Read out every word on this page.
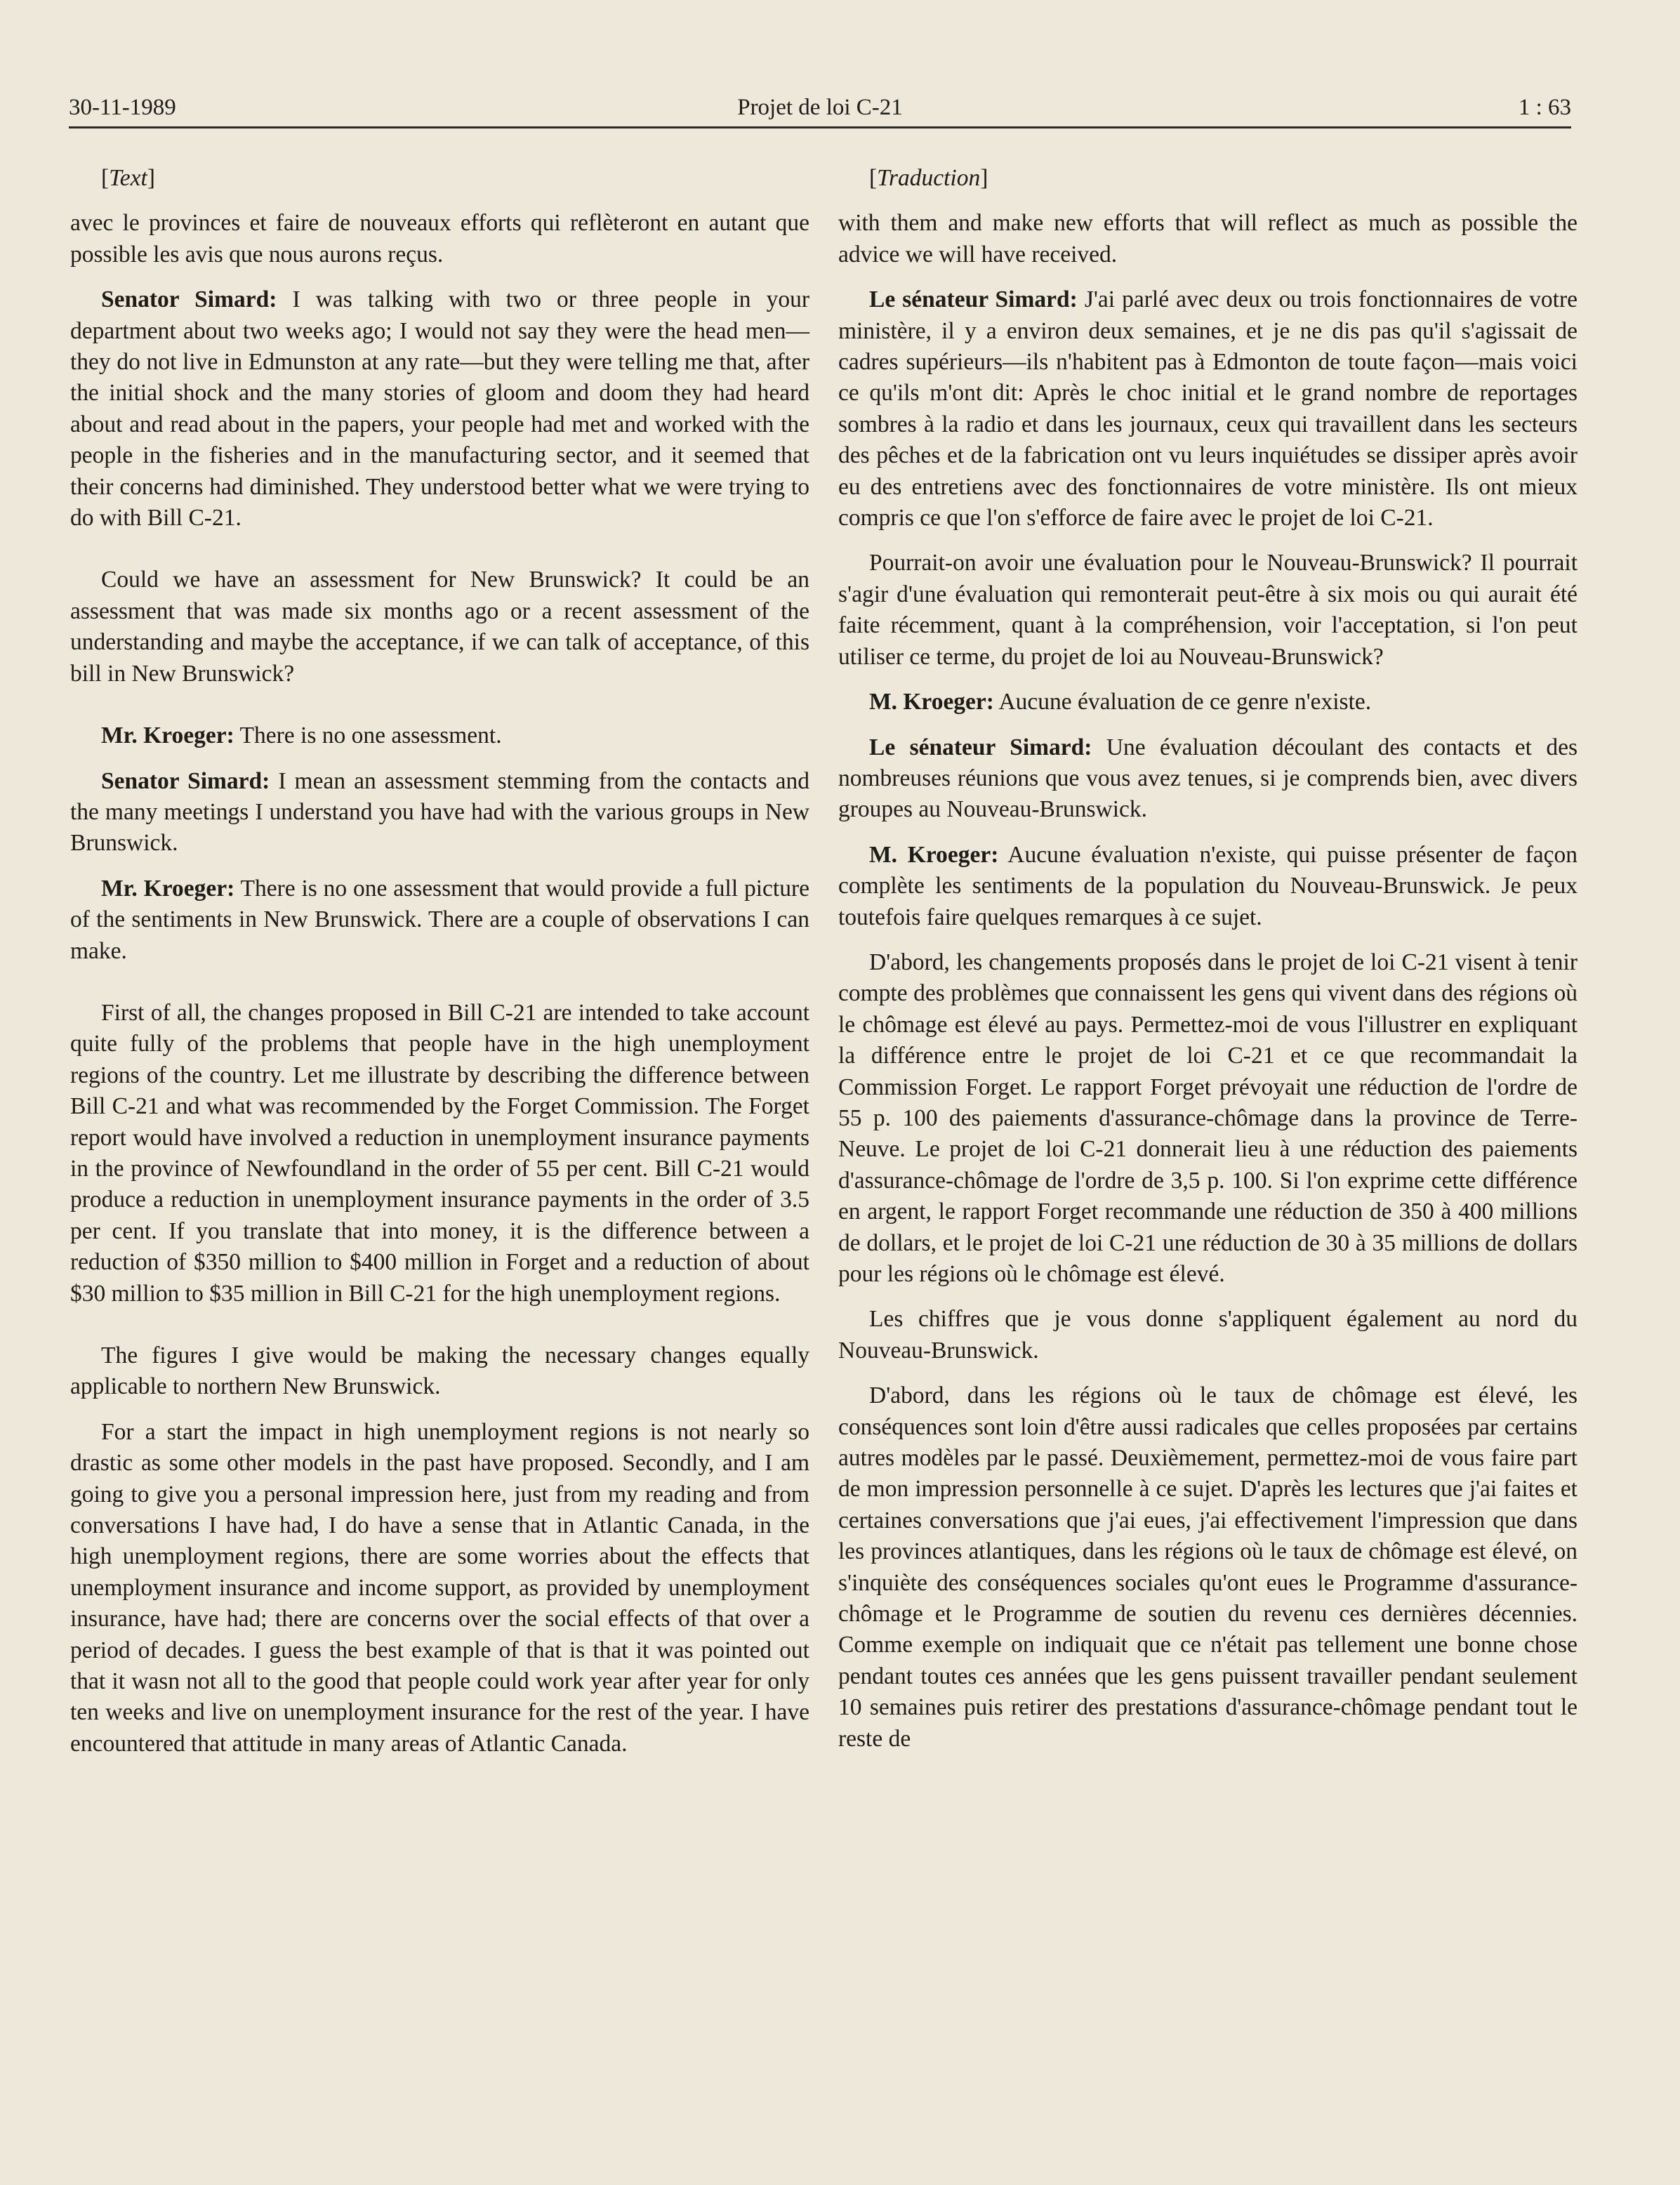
30-11-1989	Projet de loi C-21	1 : 63

[Text]

avec le provinces et faire de nouveaux efforts qui reflèteront en autant que possible les avis que nous aurons reçus.

Senator Simard: I was talking with two or three people in your department about two weeks ago; I would not say they were the head men—they do not live in Edmunston at any rate—but they were telling me that, after the initial shock and the many stories of gloom and doom they had heard about and read about in the papers, your people had met and worked with the people in the fisheries and in the manufacturing sector, and it seemed that their concerns had diminished. They understood better what we were trying to do with Bill C-21.

Could we have an assessment for New Brunswick? It could be an assessment that was made six months ago or a recent assessment of the understanding and maybe the acceptance, if we can talk of acceptance, of this bill in New Brunswick?

Mr. Kroeger: There is no one assessment.

Senator Simard: I mean an assessment stemming from the contacts and the many meetings I understand you have had with the various groups in New Brunswick.

Mr. Kroeger: There is no one assessment that would provide a full picture of the sentiments in New Brunswick. There are a couple of observations I can make.

First of all, the changes proposed in Bill C-21 are intended to take account quite fully of the problems that people have in the high unemployment regions of the country. Let me illustrate by describing the difference between Bill C-21 and what was recommended by the Forget Commission. The Forget report would have involved a reduction in unemployment insurance payments in the province of Newfoundland in the order of 55 per cent. Bill C-21 would produce a reduction in unemployment insurance payments in the order of 3.5 per cent. If you translate that into money, it is the difference between a reduction of $350 million to $400 million in Forget and a reduction of about $30 million to $35 million in Bill C-21 for the high unemployment regions.

The figures I give would be making the necessary changes equally applicable to northern New Brunswick.

For a start the impact in high unemployment regions is not nearly so drastic as some other models in the past have proposed. Secondly, and I am going to give you a personal impression here, just from my reading and from conversations I have had, I do have a sense that in Atlantic Canada, in the high unemployment regions, there are some worries about the effects that unemployment insurance and income support, as provided by unemployment insurance, have had; there are concerns over the social effects of that over a period of decades. I guess the best example of that is that it was pointed out that it wasn not all to the good that people could work year after year for only ten weeks and live on unemployment insurance for the rest of the year. I have encountered that attitude in many areas of Atlantic Canada.

[Traduction]

with them and make new efforts that will reflect as much as possible the advice we will have received.

Le sénateur Simard: J'ai parlé avec deux ou trois fonctionnaires de votre ministère, il y a environ deux semaines, et je ne dis pas qu'il s'agissait de cadres supérieurs—ils n'habitent pas à Edmonton de toute façon—mais voici ce qu'ils m'ont dit: Après le choc initial et le grand nombre de reportages sombres à la radio et dans les journaux, ceux qui travaillent dans les secteurs des pêches et de la fabrication ont vu leurs inquiétudes se dissiper après avoir eu des entretiens avec des fonctionnaires de votre ministère. Ils ont mieux compris ce que l'on s'efforce de faire avec le projet de loi C-21.

Pourrait-on avoir une évaluation pour le Nouveau-Brunswick? Il pourrait s'agir d'une évaluation qui remonterait peut-être à six mois ou qui aurait été faite récemment, quant à la compréhension, voir l'acceptation, si l'on peut utiliser ce terme, du projet de loi au Nouveau-Brunswick?

M. Kroeger: Aucune évaluation de ce genre n'existe.

Le sénateur Simard: Une évaluation découlant des contacts et des nombreuses réunions que vous avez tenues, si je comprends bien, avec divers groupes au Nouveau-Brunswick.

M. Kroeger: Aucune évaluation n'existe, qui puisse présenter de façon complète les sentiments de la population du Nouveau-Brunswick. Je peux toutefois faire quelques remarques à ce sujet.

D'abord, les changements proposés dans le projet de loi C-21 visent à tenir compte des problèmes que connaissent les gens qui vivent dans des régions où le chômage est élevé au pays. Permettez-moi de vous l'illustrer en expliquant la différence entre le projet de loi C-21 et ce que recommandait la Commission Forget. Le rapport Forget prévoyait une réduction de l'ordre de 55 p. 100 des paiements d'assurance-chômage dans la province de Terre-Neuve. Le projet de loi C-21 donnerait lieu à une réduction des paiements d'assurance-chômage de l'ordre de 3,5 p. 100. Si l'on exprime cette différence en argent, le rapport Forget recommande une réduction de 350 à 400 millions de dollars, et le projet de loi C-21 une réduction de 30 à 35 millions de dollars pour les régions où le chômage est élevé.

Les chiffres que je vous donne s'appliquent également au nord du Nouveau-Brunswick.

D'abord, dans les régions où le taux de chômage est élevé, les conséquences sont loin d'être aussi radicales que celles proposées par certains autres modèles par le passé. Deuxièmement, permettez-moi de vous faire part de mon impression personnelle à ce sujet. D'après les lectures que j'ai faites et certaines conversations que j'ai eues, j'ai effectivement l'impression que dans les provinces atlantiques, dans les régions où le taux de chômage est élevé, on s'inquiète des conséquences sociales qu'ont eues le Programme d'assurance-chômage et le Programme de soutien du revenu ces dernières décennies. Comme exemple on indiquait que ce n'était pas tellement une bonne chose pendant toutes ces années que les gens puissent travailler pendant seulement 10 semaines puis retirer des prestations d'assurance-chômage pendant tout le reste de
